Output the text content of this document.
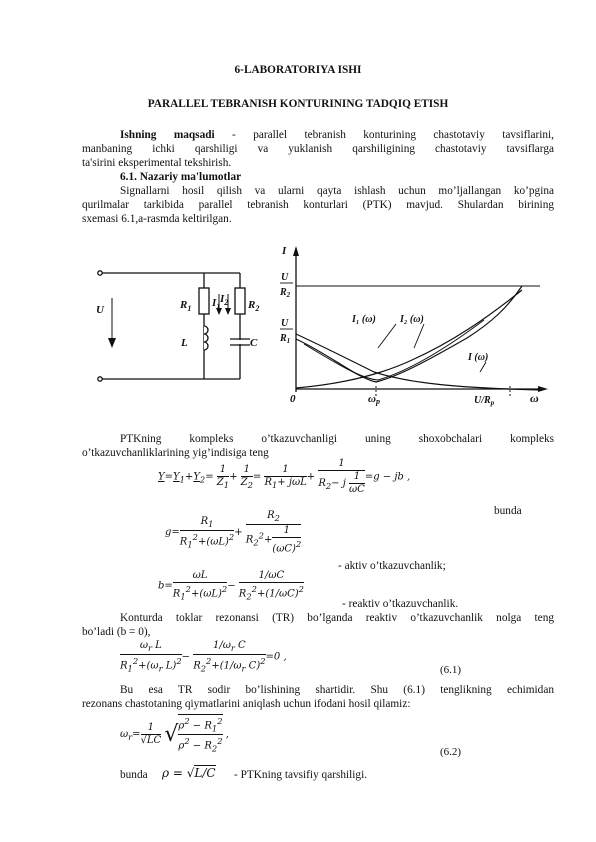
6-LABORATORIYA ISHI
PARALLEL TEBRANISH KONTURINING TADQIQ ETISH
Ishning maqsadi - parallel tebranish konturining chastotaviy tavsiflarini,
manbaning ichki qarshiligi va yuklanish qarshiligining chastotaviy tavsiflarga
ta'sirini eksperimental tekshirish.
6.1. Nazariy ma'lumotlar
Signallarni hosil qilish va ularni qayta ishlash uchun mo’ljallangan ko’pgina
qurilmalar tarkibida parallel tebranish konturlari (PTK) mavjud. Shulardan birining
sxemasi 6.1,a-rasmda keltirilgan.
U	$R_1$
L
$I_1$
$I_2$ $R_2$
C
I
U
$R_2$
U
$R_1$
I₁ (ω) I₂ (ω)
I (ω)
0	ωp	$U/R_p$	ω
PTKning kompleks o’tkazuvchanligi uning shoxobchalari kompleks
o’tkazuvchanliklarining yig’indisiga teng
$Y=Y_1+Y_2= \frac{1}{Z_1} + \frac{1}{Z_2} = \frac{1}{R_1+ j\omega L} + \frac{1}{R_2- j \frac{1}{\omega C}} =g$ − jb ,
bunda
$g= \frac{R_1}{R_1^2+(\omega L)^2} + \frac{R_2}{R_2^2+ \frac{1}{(\omega C)^2}}$
- aktiv o’tkazuvchanlik;
$b= \frac{\omega L}{R_1^2+(\omega L)^2} - \frac{1/\omega C}{R_2^2+(1/\omega C)^2}$
- reaktiv o’tkazuvchanlik.
Konturda toklar rezonansi (TR) bo’lganda reaktiv o’tkazuvchanlik nolga teng
bo’ladi (b = 0),
$\frac{\omega_r L}{R_1^2+(\omega_r L)^2} - \frac{1/\omega_r C}{R_2^2+(1/\omega_r C)^2} =0$ ,
(6.1)
Bu esa TR sodir bo’lishining shartidir. Shu (6.1) tenglikning echimidan
rezonans chastotaning qiymatlarini aniqlash uchun ifodani hosil qilamiz:
$\omega_r= \frac{1}{√LC}$ √ $\frac{\rho^2 - R_1^2}{\rho^2 - R_2^2}$ ,
(6.2)
bunda ρ = √L/C - PTKning tavsifiy qarshiligi.
